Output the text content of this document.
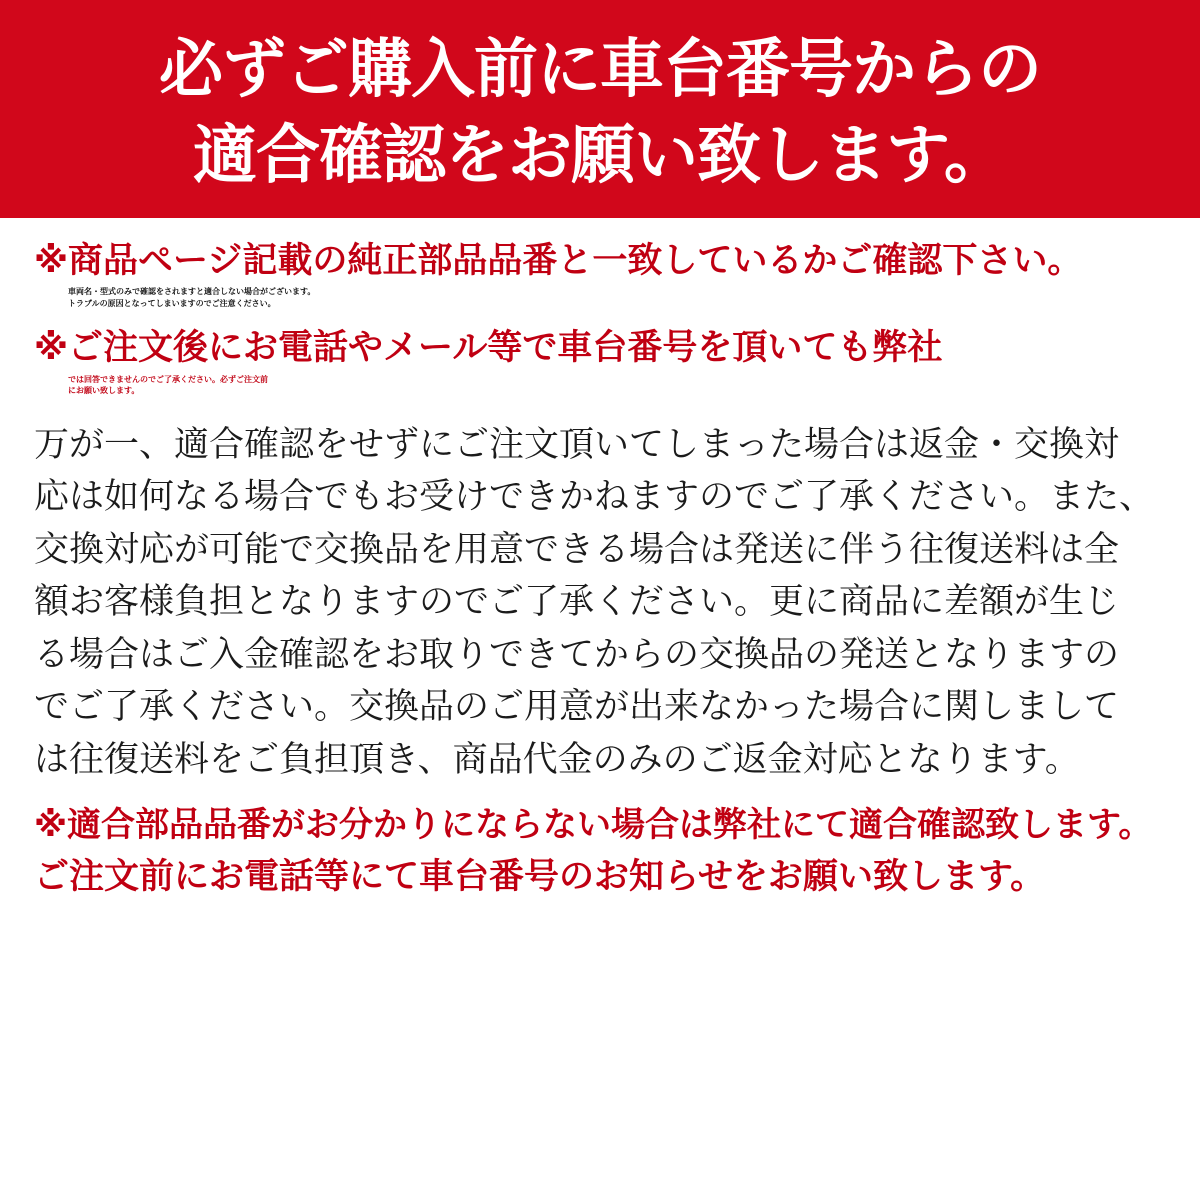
必ずご購入前に車台番号からの
適合確認をお願い致します。
※商品ページ記載の純正部品品番と一致しているかご確認下さい。
車両名・型式のみで確認をされますと適合しない場合がございます。
トラブルの原因となってしまいますのでご注意ください。
※ご注文後にお電話やメール等で車台番号を頂いても弊社
では回答できませんのでご了承ください。必ずご注文前
にお願い致します。
万が一、適合確認をせずにご注文頂いてしまった場合は返金・交換対
応は如何なる場合でもお受けできかねますのでご了承ください。また、
交換対応が可能で交換品を用意できる場合は発送に伴う往復送料は全
額お客様負担となりますのでご了承ください。更に商品に差額が生じ
る場合はご入金確認をお取りできてからの交換品の発送となりますの
でご了承ください。交換品のご用意が出来なかった場合に関しまして
は往復送料をご負担頂き、商品代金のみのご返金対応となります。
※適合部品品番がお分かりにならない場合は弊社にて適合確認致します。
ご注文前にお電話等にて車台番号のお知らせをお願い致します。
